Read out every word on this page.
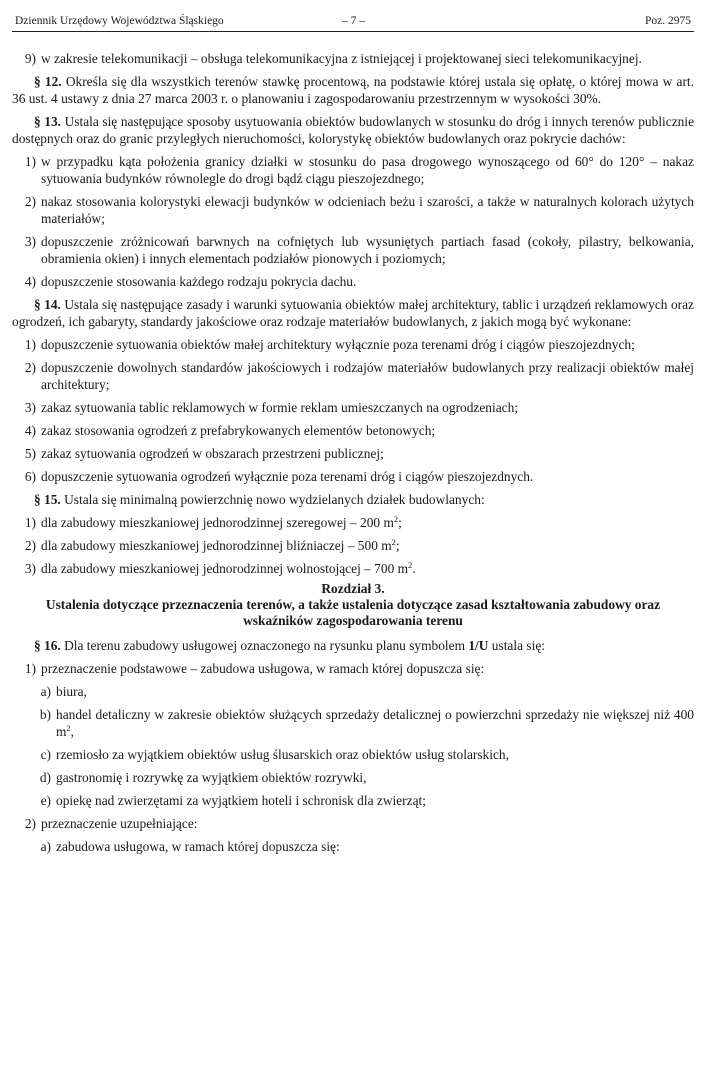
Dziennik Urzędowy Województwa Śląskiego	– 7 –	Poz. 2975
9) w zakresie telekomunikacji – obsługa telekomunikacyjna z istniejącej i projektowanej sieci telekomunikacyjnej.

§ 12. Określa się dla wszystkich terenów stawkę procentową, na podstawie której ustala się opłatę, o której mowa w art. 36 ust. 4 ustawy z dnia 27 marca 2003 r. o planowaniu i zagospodarowaniu przestrzennym w wysokości 30%.

§ 13. Ustala się następujące sposoby usytuowania obiektów budowlanych w stosunku do dróg i innych terenów publicznie dostępnych oraz do granic przyległych nieruchomości, kolorystykę obiektów budowlanych oraz pokrycie dachów:

1) w przypadku kąta położenia granicy działki w stosunku do pasa drogowego wynoszącego od 60° do 120° – nakaz sytuowania budynków równolegle do drogi bądź ciągu pieszojezdnego;
2) nakaz stosowania kolorystyki elewacji budynków w odcieniach beżu i szarości, a także w naturalnych kolorach użytych materiałów;
3) dopuszczenie zróżnicowań barwnych na cofniętych lub wysuniętych partiach fasad (cokoły, pilastry, belkowania, obramienia okien) i innych elementach podziałów pionowych i poziomych;
4) dopuszczenie stosowania każdego rodzaju pokrycia dachu.

§ 14. Ustala się następujące zasady i warunki sytuowania obiektów małej architektury, tablic i urządzeń reklamowych oraz ogrodzeń, ich gabaryty, standardy jakościowe oraz rodzaje materiałów budowlanych, z jakich mogą być wykonane:

1) dopuszczenie sytuowania obiektów małej architektury wyłącznie poza terenami dróg i ciągów pieszojezdnych;
2) dopuszczenie dowolnych standardów jakościowych i rodzajów materiałów budowlanych przy realizacji obiektów małej architektury;
3) zakaz sytuowania tablic reklamowych w formie reklam umieszczanych na ogrodzeniach;
4) zakaz stosowania ogrodzeń z prefabrykowanych elementów betonowych;
5) zakaz sytuowania ogrodzeń w obszarach przestrzeni publicznej;
6) dopuszczenie sytuowania ogrodzeń wyłącznie poza terenami dróg i ciągów pieszojezdnych.

§ 15. Ustala się minimalną powierzchnię nowo wydzielanych działek budowlanych:

1) dla zabudowy mieszkaniowej jednorodzinnej szeregowej – 200 $m^2$;
2) dla zabudowy mieszkaniowej jednorodzinnej bliźniaczej – 500 $m^2$;
3) dla zabudowy mieszkaniowej jednorodzinnej wolnostojącej – 700 $m^2$.
Rozdział 3.
Ustalenia dotyczące przeznaczenia terenów, a także ustalenia dotyczące zasad kształtowania zabudowy oraz wskaźników zagospodarowania terenu

§ 16. Dla terenu zabudowy usługowej oznaczonego na rysunku planu symbolem 1/U ustala się:

1) przeznaczenie podstawowe – zabudowa usługowa, w ramach której dopuszcza się:
a) biura,
b) handel detaliczny w zakresie obiektów służących sprzedaży detalicznej o powierzchni sprzedaży nie większej niż 400 $m^2$,
c) rzemiosło za wyjątkiem obiektów usług ślusarskich oraz obiektów usług stolarskich,
d) gastronomię i rozrywkę za wyjątkiem obiektów rozrywki,
e) opiekę nad zwierzętami za wyjątkiem hoteli i schronisk dla zwierząt;
2) przeznaczenie uzupełniające:
a) zabudowa usługowa, w ramach której dopuszcza się:
